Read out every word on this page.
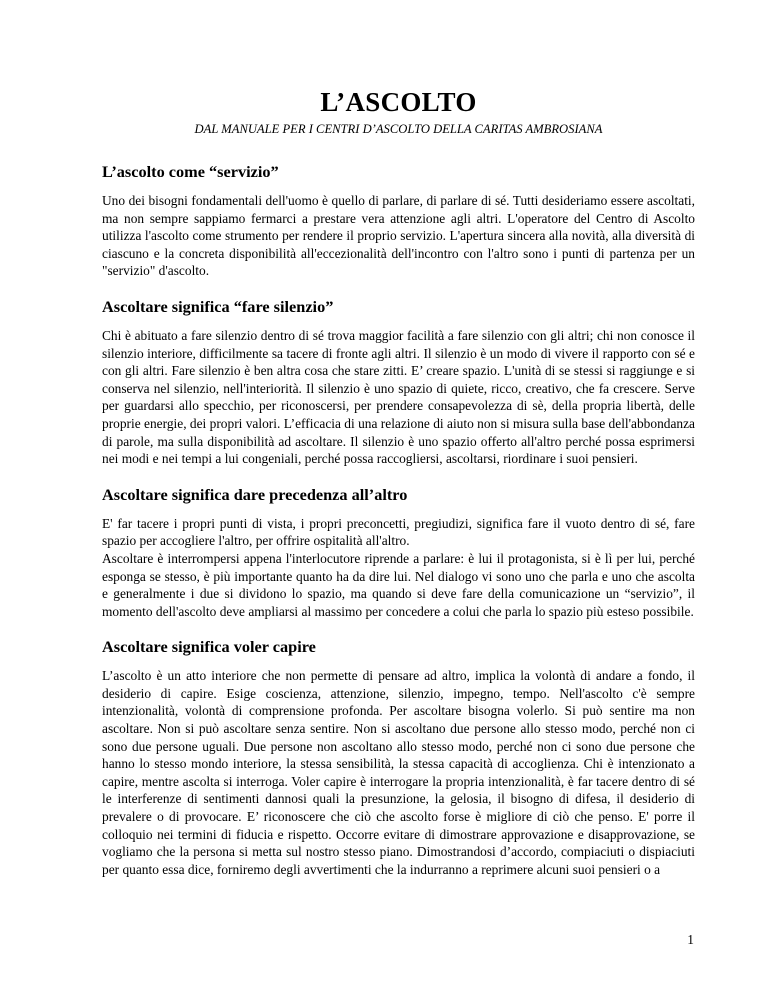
L’ASCOLTO
DAL MANUALE PER I CENTRI D’ASCOLTO DELLA CARITAS AMBROSIANA
L’ascolto come “servizio”

Uno dei bisogni fondamentali dell'uomo è quello di parlare, di parlare di sé. Tutti desideriamo essere ascoltati, ma non sempre sappiamo fermarci a prestare vera attenzione agli altri. L'operatore del Centro di Ascolto utilizza l'ascolto come strumento per rendere il proprio servizio. L'apertura sincera alla novità, alla diversità di ciascuno e la concreta disponibilità all'eccezionalità dell'incontro con l'altro sono i punti di partenza per un "servizio" d'ascolto.

Ascoltare significa “fare silenzio”

Chi è abituato a fare silenzio dentro di sé trova maggior facilità a fare silenzio con gli altri; chi non conosce il silenzio interiore, difficilmente sa tacere di fronte agli altri. Il silenzio è un modo di vivere il rapporto con sé e con gli altri. Fare silenzio è ben altra cosa che stare zitti. E’ creare spazio. L'unità di se stessi si raggiunge e si conserva nel silenzio, nell'interiorità. Il silenzio è uno spazio di quiete, ricco, creativo, che fa crescere. Serve per guardarsi allo specchio, per riconoscersi, per prendere consapevolezza di sè, della propria libertà, delle proprie energie, dei propri valori. L’efficacia di una relazione di aiuto non si misura sulla base dell'abbondanza di parole, ma sulla disponibilità ad ascoltare. Il silenzio è uno spazio offerto all'altro perché possa esprimersi nei modi e nei tempi a lui congeniali, perché possa raccogliersi, ascoltarsi, riordinare i suoi pensieri.

Ascoltare significa dare precedenza all’altro

E' far tacere i propri punti di vista, i propri preconcetti, pregiudizi, significa fare il vuoto dentro di sé, fare spazio per accogliere l'altro, per offrire ospitalità all'altro.

Ascoltare è interrompersi appena l'interlocutore riprende a parlare: è lui il protagonista, si è lì per lui, perché esponga se stesso, è più importante quanto ha da dire lui. Nel dialogo vi sono uno che parla e uno che ascolta e generalmente i due si dividono lo spazio, ma quando si deve fare della comunicazione un “servizio”, il momento dell'ascolto deve ampliarsi al massimo per concedere a colui che parla lo spazio più esteso possibile.

Ascoltare significa voler capire

L’ascolto è un atto interiore che non permette di pensare ad altro, implica la volontà di andare a fondo, il desiderio di capire. Esige coscienza, attenzione, silenzio, impegno, tempo. Nell'ascolto c'è sempre intenzionalità, volontà di comprensione profonda. Per ascoltare bisogna volerlo. Si può sentire ma non ascoltare. Non si può ascoltare senza sentire. Non si ascoltano due persone allo stesso modo, perché non ci sono due persone uguali. Due persone non ascoltano allo stesso modo, perché non ci sono due persone che hanno lo stesso mondo interiore, la stessa sensibilità, la stessa capacità di accoglienza. Chi è intenzionato a capire, mentre ascolta si interroga. Voler capire è interrogare la propria intenzionalità, è far tacere dentro di sé le interferenze di sentimenti dannosi quali la presunzione, la gelosia, il bisogno di difesa, il desiderio di prevalere o di provocare. E’ riconoscere che ciò che ascolto forse è migliore di ciò che penso. E' porre il colloquio nei termini di fiducia e rispetto. Occorre evitare di dimostrare approvazione e disapprovazione, se vogliamo che la persona si metta sul nostro stesso piano. Dimostrandosi d’accordo, compiaciuti o dispiaciuti per quanto essa dice, forniremo degli avvertimenti che la indurranno a reprimere alcuni suoi pensieri o a

1
